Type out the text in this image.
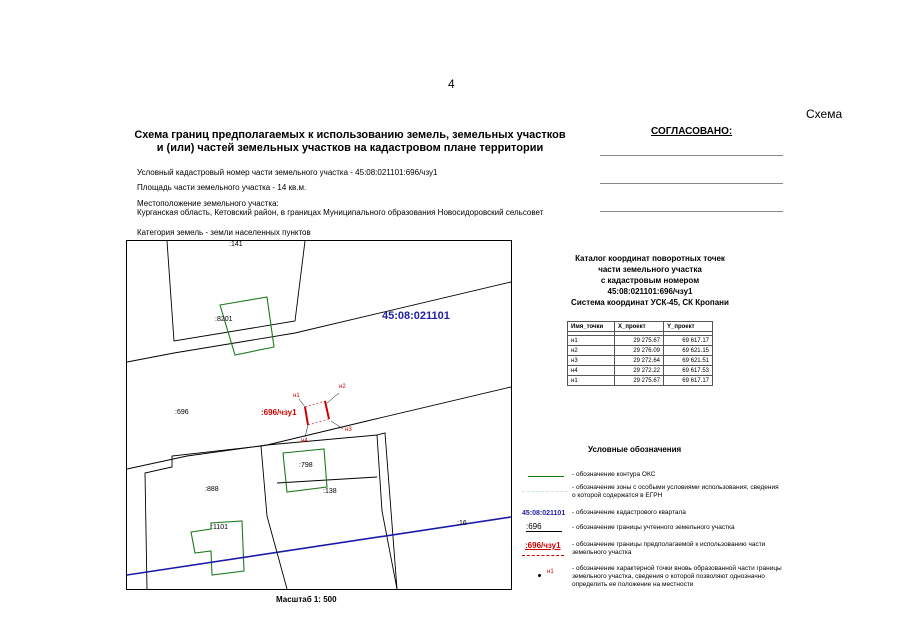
4
Схема
Схема границ предполагаемых к использованию земель, земельных участков
и (или) частей земельных участков на кадастровом плане территории
СОГЛАСОВАНО:
Условный кадастровый номер части земельного участка - 45:08:021101:696/чзу1
Площадь части земельного участка - 14 кв.м.
Местоположение земельного участка:
Курганская область, Кетовский район, в границах Муниципального образования Новосидоровский сельсовет
Категория земель - земли населенных пунктов
:141
:8201	45:08:021101
:696	:696/чзу1
н1
н2
н3
н4
:798
:888	:138
:1101
:16
Масштаб 1: 500
Каталог координат поворотных точек
части земельного участка
с кадастровым номером
45:08:021101:696/чзу1
Система координат УСК-45, СК Кропани
Имя_точки	X_проект	Y_проект

н1	29 275.67	69 617.17
н2	29 276.09	69 621.15
н3	29 272.64	69 621.51
н4	29 272.22	69 617.53
н1	29 275.67	69 617.17
Условные обозначения
- обозначение контура ОКС
- обозначение зоны с особыми условиями использования, сведения о которой содержатся в ЕГРН
45:08:021101 - обозначение кадастрового квартала
:696	- обозначение границы учтенного земельного участка
:696/чзу1 - обозначение границы предполагаемой к использованию части земельного участка
н1	- обозначение характерной точки вновь образованной части границы земельного участка, сведения о которой позволяют однозначно определить ее положение на местности
